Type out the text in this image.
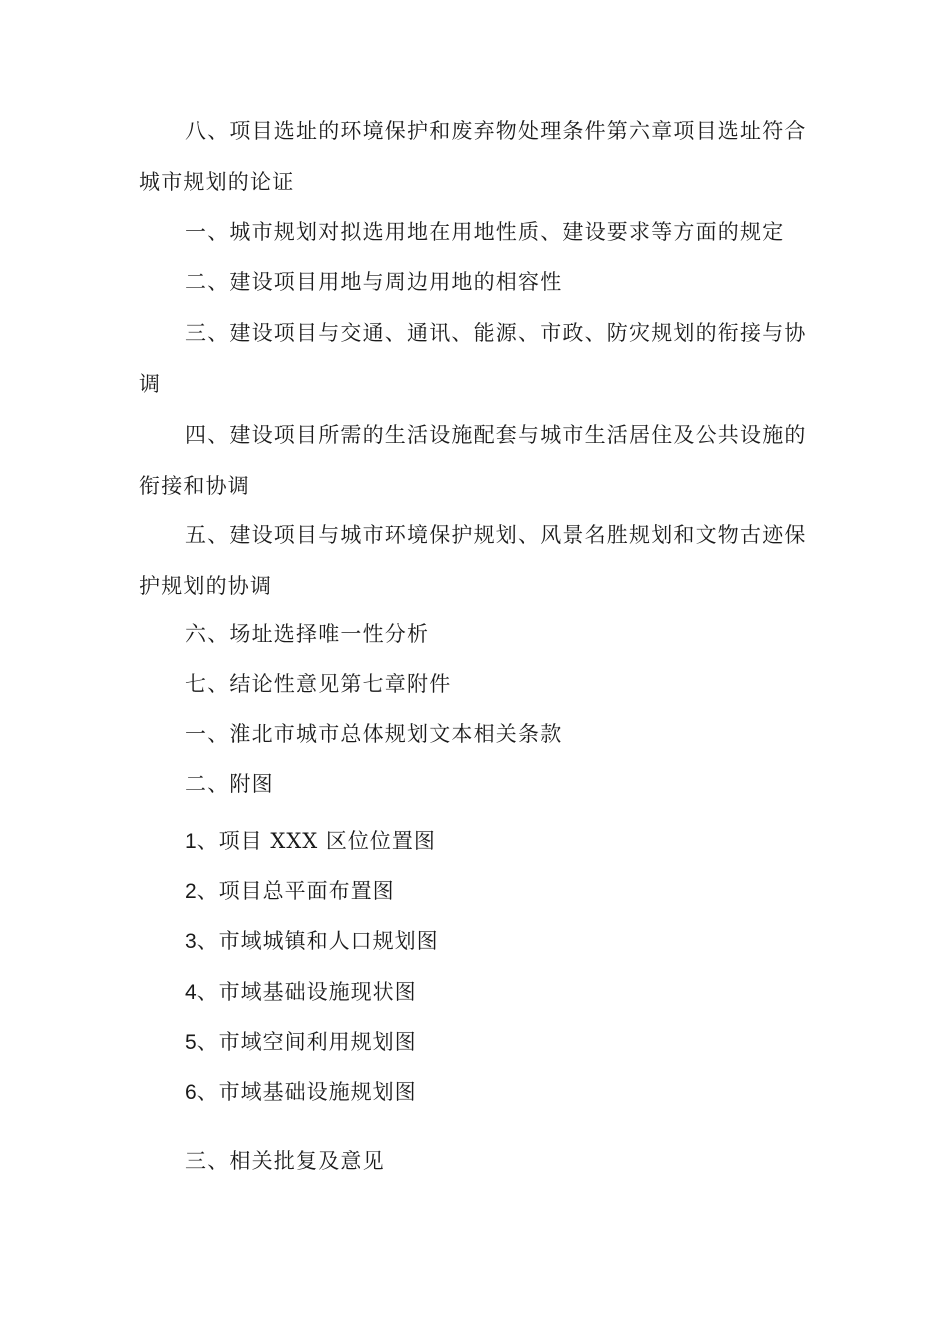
八、项目选址的环境保护和废弃物处理条件第六章项目选址符合城市规划的论证

一、城市规划对拟选用地在用地性质、建设要求等方面的规定

二、建设项目用地与周边用地的相容性

三、建设项目与交通、通讯、能源、市政、防灾规划的衔接与协调

四、建设项目所需的生活设施配套与城市生活居住及公共设施的衔接和协调

五、建设项目与城市环境保护规划、风景名胜规划和文物古迹保护规划的协调

六、场址选择唯一性分析

七、结论性意见第七章附件

一、淮北市城市总体规划文本相关条款

二、附图

1、项目 XXX 区位位置图

2、项目总平面布置图

3、市域城镇和人口规划图

4、市域基础设施现状图

5、市域空间利用规划图

6、市域基础设施规划图

三、相关批复及意见
